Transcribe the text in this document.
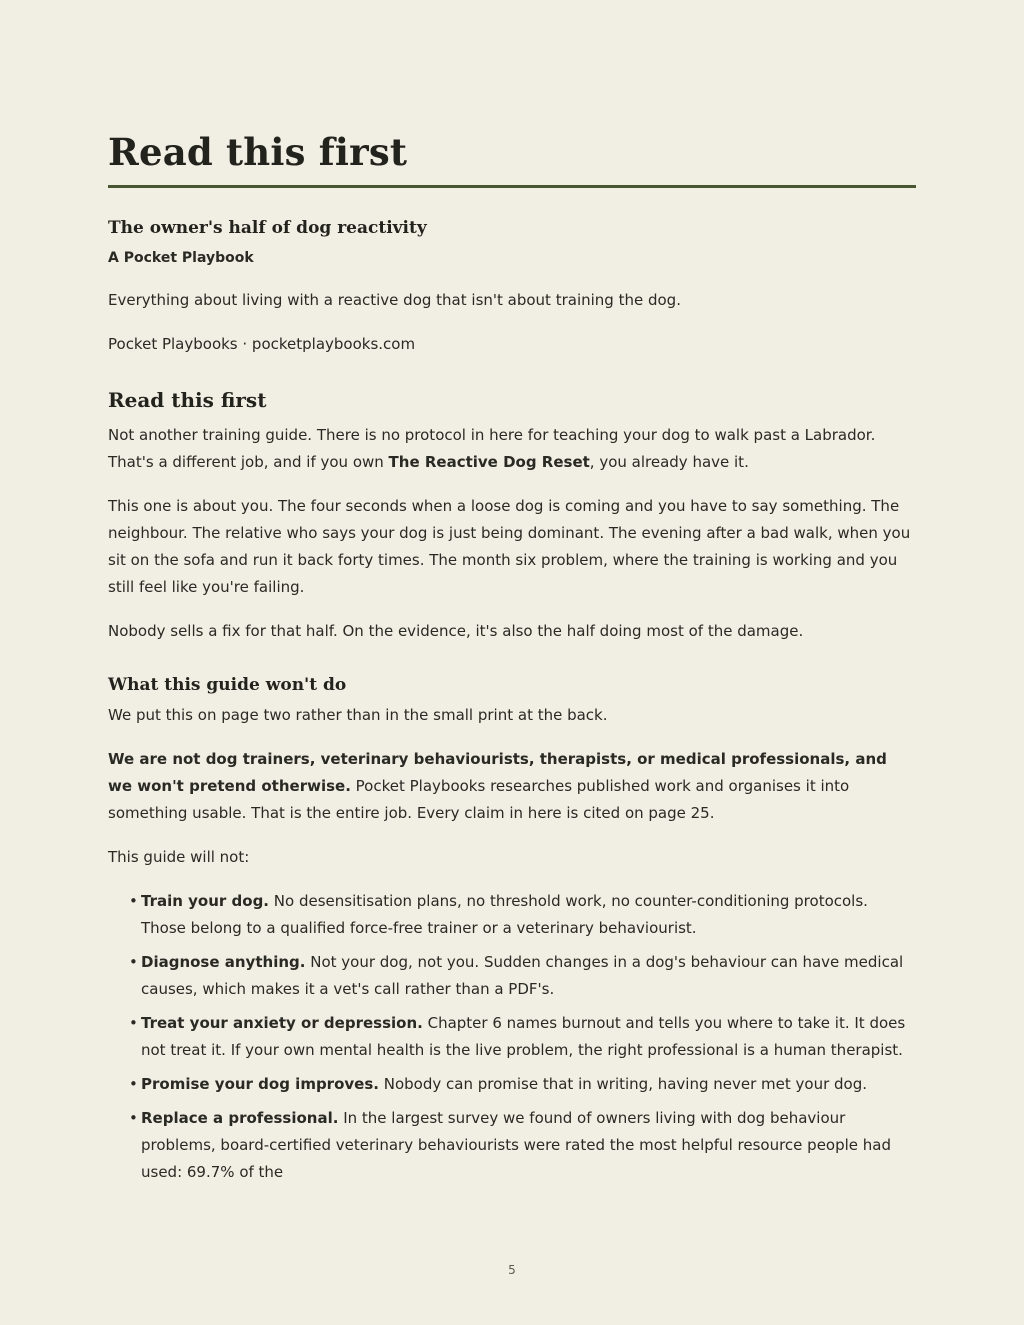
Read this first
The owner's half of dog reactivity

A Pocket Playbook

Everything about living with a reactive dog that isn't about training the dog.

Pocket Playbooks · pocketplaybooks.com

Read this first

Not another training guide. There is no protocol in here for teaching your dog to walk past a Labrador. That's a different job, and if you own The Reactive Dog Reset, you already have it.

This one is about you. The four seconds when a loose dog is coming and you have to say something. The neighbour. The relative who says your dog is just being dominant. The evening after a bad walk, when you sit on the sofa and run it back forty times. The month six problem, where the training is working and you still feel like you're failing.

Nobody sells a fix for that half. On the evidence, it's also the half doing most of the damage.

What this guide won't do

We put this on page two rather than in the small print at the back.

We are not dog trainers, veterinary behaviourists, therapists, or medical professionals, and we won't pretend otherwise. Pocket Playbooks researches published work and organises it into something usable. That is the entire job. Every claim in here is cited on page 25.

This guide will not:

• Train your dog. No desensitisation plans, no threshold work, no counter-conditioning protocols. Those belong to a qualified force-free trainer or a veterinary behaviourist.
• Diagnose anything. Not your dog, not you. Sudden changes in a dog's behaviour can have medical causes, which makes it a vet's call rather than a PDF's.
• Treat your anxiety or depression. Chapter 6 names burnout and tells you where to take it. It does not treat it. If your own mental health is the live problem, the right professional is a human therapist.
• Promise your dog improves. Nobody can promise that in writing, having never met your dog.
• Replace a professional. In the largest survey we found of owners living with dog behaviour problems, board-certified veterinary behaviourists were rated the most helpful resource people had used: 69.7% of the
5
